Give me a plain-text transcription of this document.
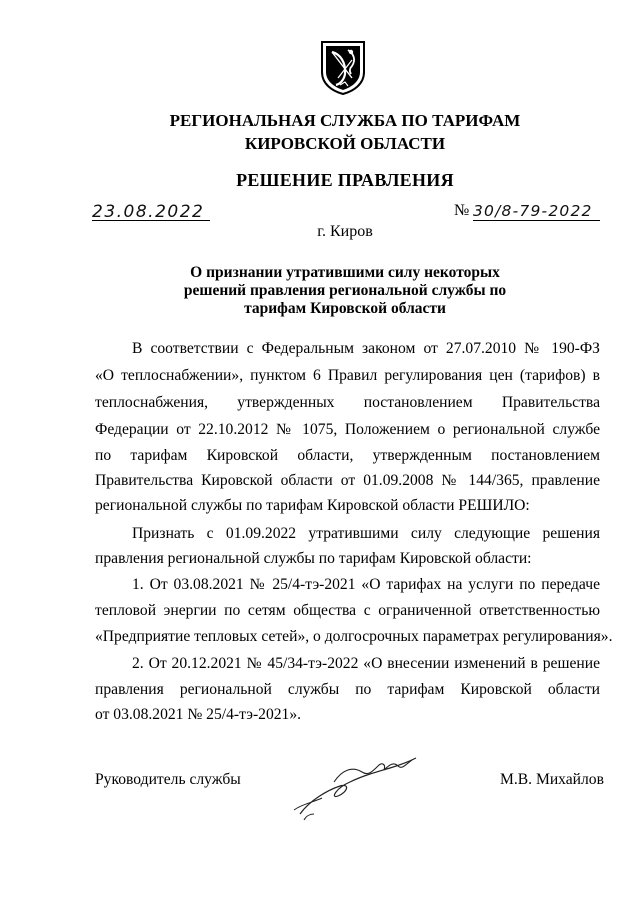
РЕГИОНАЛЬНАЯ СЛУЖБА ПО ТАРИФАМ
КИРОВСКОЙ ОБЛАСТИ
РЕШЕНИЕ ПРАВЛЕНИЯ
23.08.2022	№ 30/8-79-2022
г. Киров
О признании утратившими силу некоторых
решений правления региональной службы по
тарифам Кировской области
В соответствии с Федеральным законом от 27.07.2010 № 190-ФЗ
«О теплоснабжении», пунктом 6 Правил регулирования цен (тарифов) в
теплоснабжения, утвержденных постановлением Правительства
Федерации от 22.10.2012 № 1075, Положением о региональной службе
по тарифам Кировской области, утвержденным постановлением
Правительства Кировской области от 01.09.2008 № 144/365, правление
региональной службы по тарифам Кировской области РЕШИЛО:
Признать с 01.09.2022 утратившими силу следующие решения
правления региональной службы по тарифам Кировской области:
1. От 03.08.2021 № 25/4-тэ-2021 «О тарифах на услуги по передаче
тепловой энергии по сетям общества с ограниченной ответственностью
«Предприятие тепловых сетей», о долгосрочных параметрах регулирования».
2. От 20.12.2021 № 45/34-тэ-2022 «О внесении изменений в решение
правления региональной службы по тарифам Кировской области
от 03.08.2021 № 25/4-тэ-2021».
Руководитель службы	М.В. Михайлов
